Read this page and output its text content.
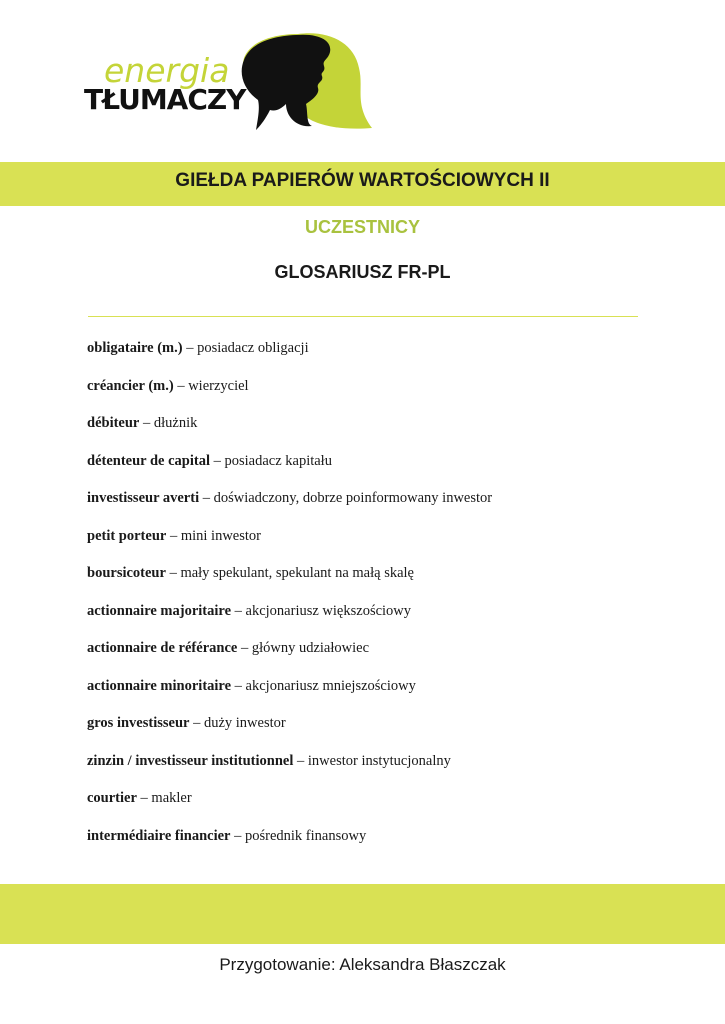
energia
TŁUMACZY
GIEŁDA PAPIERÓW WARTOŚCIOWYCH II
UCZESTNICY
GLOSARIUSZ FR-PL
obligataire (m.) – posiadacz obligacji
créancier (m.) – wierzyciel
débiteur – dłużnik
détenteur de capital – posiadacz kapitału
investisseur averti – doświadczony, dobrze poinformowany inwestor
petit porteur – mini inwestor
boursicoteur – mały spekulant, spekulant na małą skalę
actionnaire majoritaire – akcjonariusz większościowy
actionnaire de référance – główny udziałowiec
actionnaire minoritaire – akcjonariusz mniejszościowy
gros investisseur – duży inwestor
zinzin / investisseur institutionnel – inwestor instytucjonalny
courtier – makler
intermédiaire financier – pośrednik finansowy
Przygotowanie: Aleksandra Błaszczak
